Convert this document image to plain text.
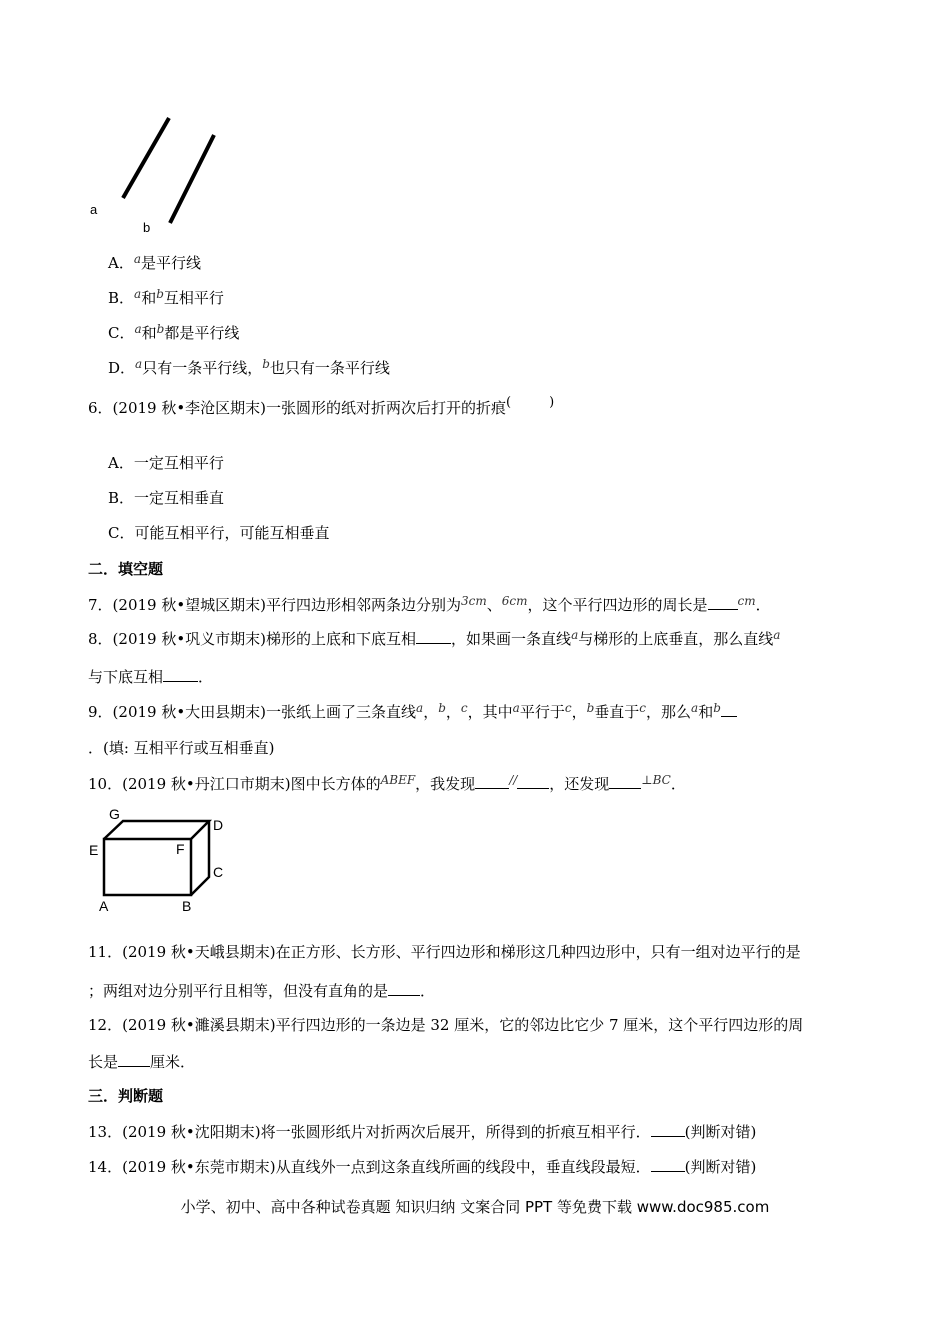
a
b
A．$^a$是平行线
B．$^a$和$^b$互相平行
C．$^a$和$^b$都是平行线
D．$^a$只有一条平行线，$^b$也只有一条平行线
6．(2019 秋•李沧区期末)一张圆形的纸对折两次后打开的折痕(	)
A．一定互相平行
B．一定互相垂直
C．可能互相平行，可能互相垂直
二．填空题
7．(2019 秋•望城区期末)平行四边形相邻两条边分别为$^{3cm}$、$^{6cm}$，这个平行四边形的周长是	$^{cm}$．
8．(2019 秋•巩义市期末)梯形的上底和下底互相 ，如果画一条直线$^a$与梯形的上底垂直，那么直线$^a$
与下底互相 ．
9．(2019 秋•大田县期末)一张纸上画了三条直线$^a$，$^b$，$^c$，其中$^a$平行于$^c$，$^b$垂直于$^c$，那么$^a$和$^b$
．(填: 互相平行或互相垂直)
10．(2019 秋•丹江口市期末)图中长方体的$^{ABEF}$，我发现	// ，还发现	$^{\perp BC}$．
G
D
E	F
C
A	B
11．(2019 秋•天峨县期末)在正方形、长方形、平行四边形和梯形这几种四边形中，只有一组对边平行的是
；两组对边分别平行且相等，但没有直角的是 ．
12．(2019 秋•濉溪县期末)平行四边形的一条边是 32 厘米，它的邻边比它少 7 厘米，这个平行四边形的周
长是 厘米．
三．判断题
13．(2019 秋•沈阳期末)将一张圆形纸片对折两次后展开，所得到的折痕互相平行． (判断对错)
14．(2019 秋•东莞市期末)从直线外一点到这条直线所画的线段中，垂直线段最短． (判断对错)
小学、初中、高中各种试卷真题 知识归纳 文案合同 PPT 等免费下载 www.doc985.com
